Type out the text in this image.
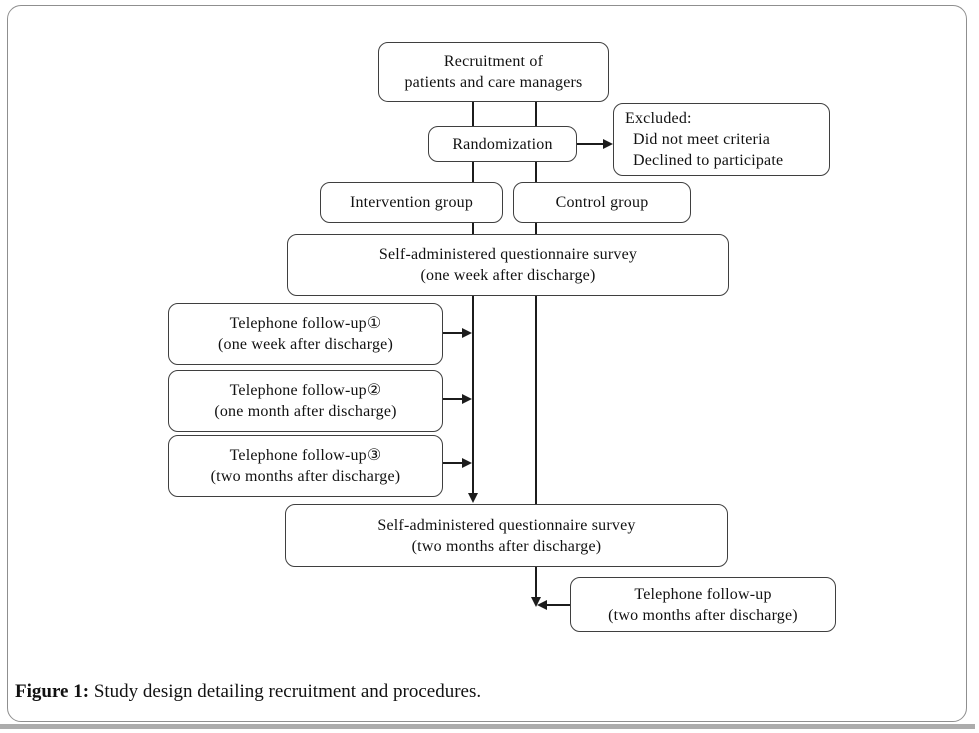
Recruitment of
patients and care managers
Randomization
Excluded:
Did not meet criteria
Declined to participate
Intervention group	Control group
Self-administered questionnaire survey
(one week after discharge)
Telephone follow-up①
(one week after discharge)
Telephone follow-up②
(one month after discharge)
Telephone follow-up③
(two months after discharge)
Self-administered questionnaire survey
(two months after discharge)
Telephone follow-up
(two months after discharge)
Figure 1: Study design detailing recruitment and procedures.
